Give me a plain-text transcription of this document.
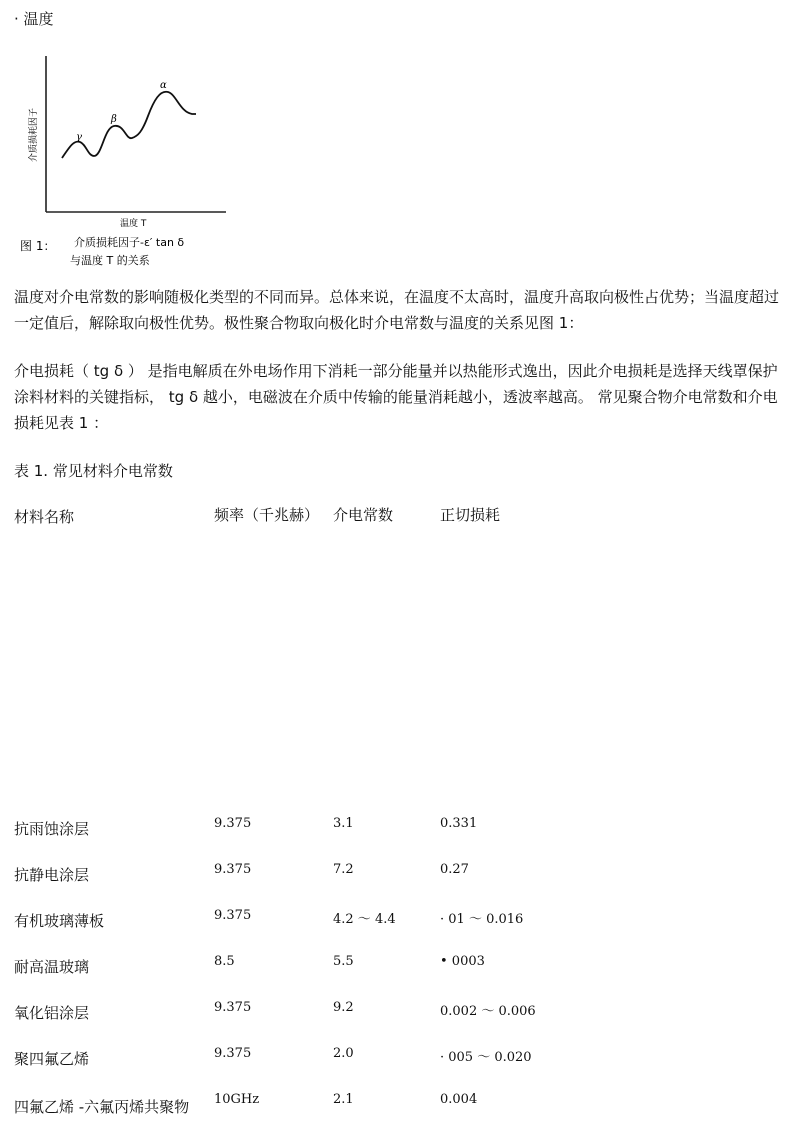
· 温度
γ
β
α
介质损耗因子
温度 T
图 1： 介质损耗因子-ε′ tan δ
与温度 T 的关系
温度对介电常数的影响随极化类型的不同而异。总体来说，在温度不太高时，温度升高取向极性占优势；当温度超过一定值后，解除取向极性优势。极性聚合物取向极化时介电常数与温度的关系见图 1：
介电损耗（ tg δ ） 是指电解质在外电场作用下消耗一部分能量并以热能形式逸出，因此介电损耗是选择天线罩保护涂料材料的关键指标， tg δ 越小，电磁波在介质中传输的能量消耗越小，透波率越高。 常见聚合物介电常数和介电损耗见表 1 ：
表 1. 常见材料介电常数
材料名称	频率（千兆赫） 介电常数	正切损耗
抗雨蚀涂层	9.375	3.1	0.331
抗静电涂层	9.375	7.2	0.27
有机玻璃薄板	9.375	4.2 ～ 4.4	· 01 ～ 0.016
耐高温玻璃	8.5	5.5	• 0003
氧化铝涂层	9.375	9.2	0.002 ～ 0.006
聚四氟乙烯	9.375	2.0	· 005 ～ 0.020
四氟乙烯 -六氟丙烯共聚物 10GHz	2.1	0.004
